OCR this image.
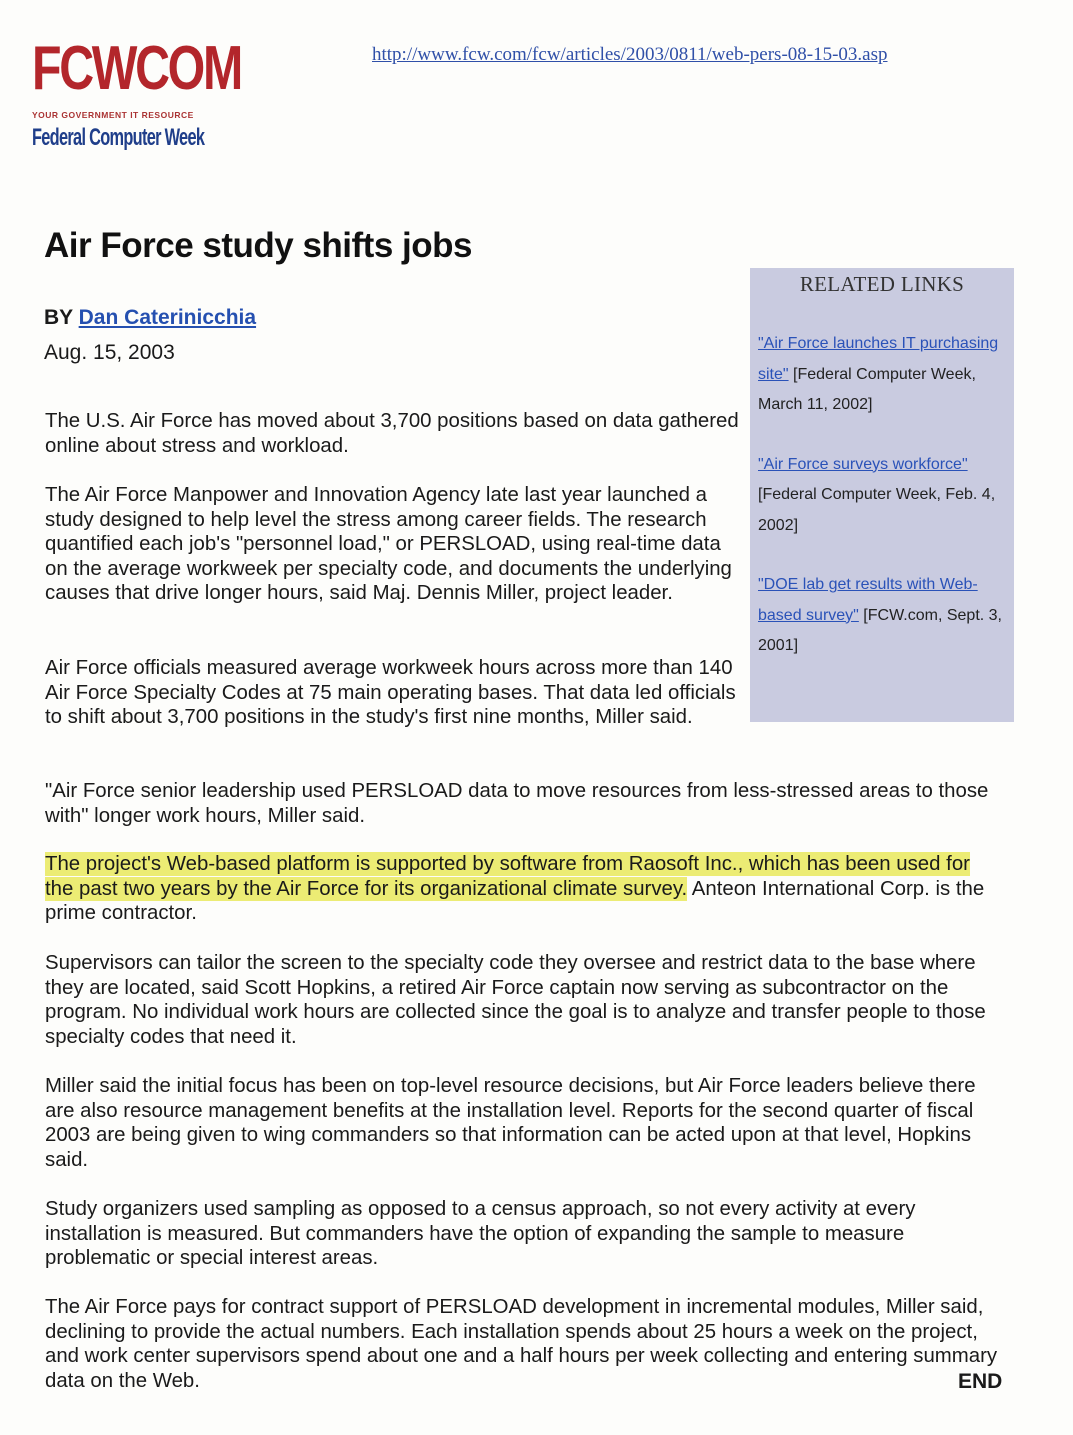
FCWCOM
YOUR GOVERNMENT IT RESOURCE
Federal Computer Week
http://www.fcw.com/fcw/articles/2003/0811/web-pers-08-15-03.asp
Air Force study shifts jobs
BY Dan Caterinicchia
Aug. 15, 2003
RELATED LINKS
"Air Force launches IT purchasing site" [Federal Computer Week, March 11, 2002]
"Air Force surveys workforce" [Federal Computer Week, Feb. 4, 2002]
"DOE lab get results with Web-based survey" [FCW.com, Sept. 3, 2001]

The U.S. Air Force has moved about 3,700 positions based on data gathered online about stress and workload.

The Air Force Manpower and Innovation Agency late last year launched a study designed to help level the stress among career fields. The research quantified each job's "personnel load," or PERSLOAD, using real-time data on the average workweek per specialty code, and documents the underlying causes that drive longer hours, said Maj. Dennis Miller, project leader.

Air Force officials measured average workweek hours across more than 140 Air Force Specialty Codes at 75 main operating bases. That data led officials to shift about 3,700 positions in the study's first nine months, Miller said.

"Air Force senior leadership used PERSLOAD data to move resources from less-stressed areas to those with" longer work hours, Miller said.

The project's Web-based platform is supported by software from Raosoft Inc., which has been used for the past two years by the Air Force for its organizational climate survey. Anteon International Corp. is the prime contractor.

Supervisors can tailor the screen to the specialty code they oversee and restrict data to the base where they are located, said Scott Hopkins, a retired Air Force captain now serving as subcontractor on the program. No individual work hours are collected since the goal is to analyze and transfer people to those specialty codes that need it.

Miller said the initial focus has been on top-level resource decisions, but Air Force leaders believe there are also resource management benefits at the installation level. Reports for the second quarter of fiscal 2003 are being given to wing commanders so that information can be acted upon at that level, Hopkins said.

Study organizers used sampling as opposed to a census approach, so not every activity at every installation is measured. But commanders have the option of expanding the sample to measure problematic or special interest areas.

The Air Force pays for contract support of PERSLOAD development in incremental modules, Miller said, declining to provide the actual numbers. Each installation spends about 25 hours a week on the project, and work center supervisors spend about one and a half hours per week collecting and entering summary data on the Web.	END
